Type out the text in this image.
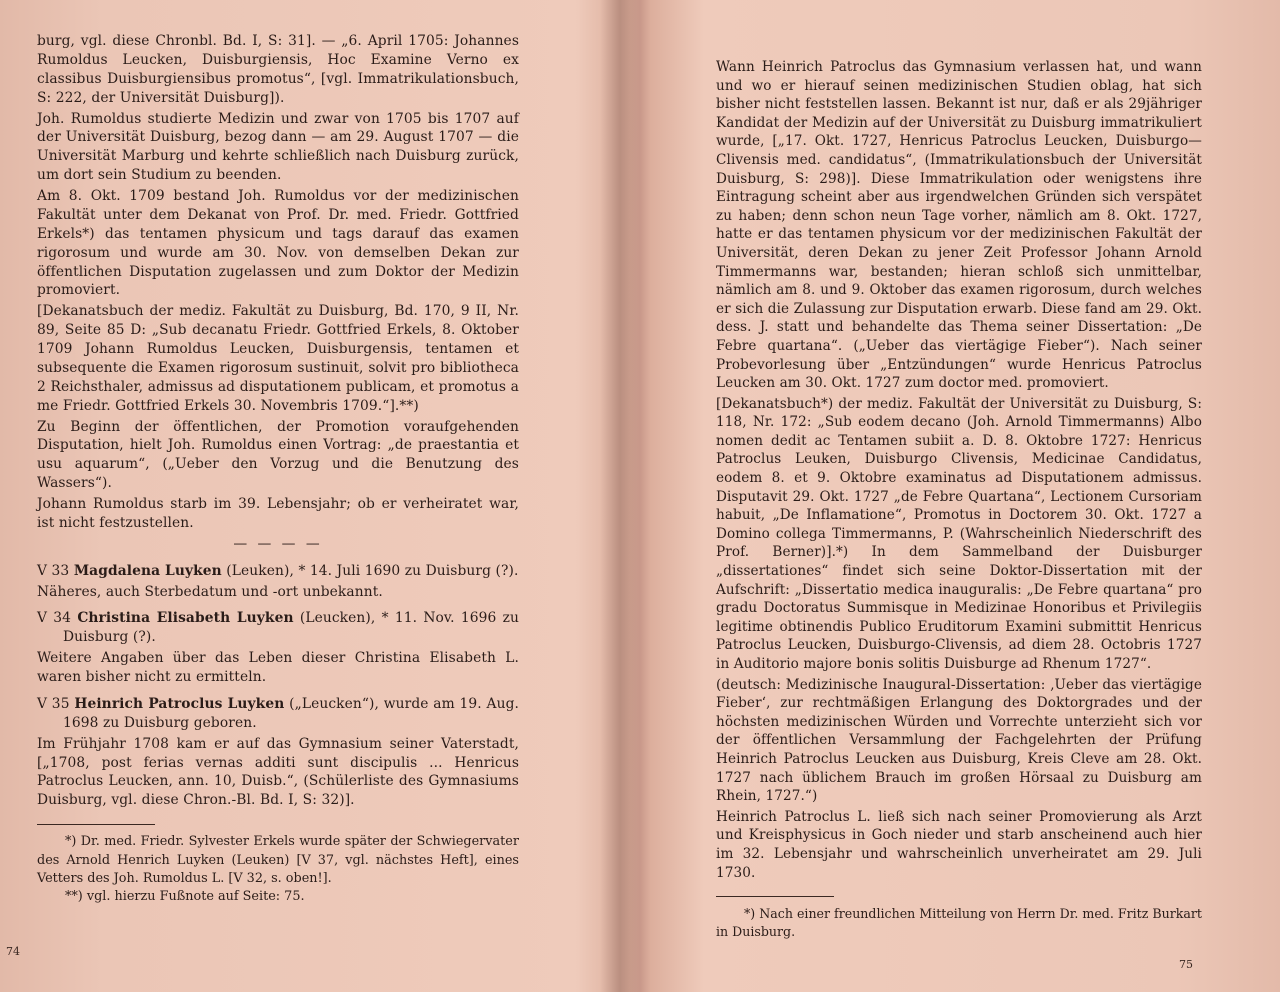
burg, vgl. diese Chronbl. Bd. I, S: 31]. — „6. April 1705: Johannes Rumoldus Leucken, Duisburgiensis, Hoc Examine Verno ex classibus Duisburgiensibus promotus“, [vgl. Immatrikulationsbuch, S: 222, der Universität Duisburg]).

Joh. Rumoldus studierte Medizin und zwar von 1705 bis 1707 auf der Universität Duisburg, bezog dann — am 29. August 1707 — die Universität Marburg und kehrte schließlich nach Duisburg zurück, um dort sein Studium zu beenden.

Am 8. Okt. 1709 bestand Joh. Rumoldus vor der medizinischen Fakultät unter dem Dekanat von Prof. Dr. med. Friedr. Gottfried Erkels*) das tentamen physicum und tags darauf das examen rigorosum und wurde am 30. Nov. von demselben Dekan zur öffentlichen Disputation zugelassen und zum Doktor der Medizin promoviert.

[Dekanatsbuch der mediz. Fakultät zu Duisburg, Bd. 170, 9 II, Nr. 89, Seite 85 D: „Sub decanatu Friedr. Gottfried Erkels, 8. Oktober 1709 Johann Rumoldus Leucken, Duisburgensis, tentamen et subsequente die Examen rigorosum sustinuit, solvit pro bibliotheca 2 Reichsthaler, admissus ad disputationem publicam, et promotus a me Friedr. Gottfried Erkels 30. Novembris 1709.“].**)

Zu Beginn der öffentlichen, der Promotion voraufgehenden Disputation, hielt Joh. Rumoldus einen Vortrag: „de praestantia et usu aquarum“, („Ueber den Vorzug und die Benutzung des Wassers“).

Johann Rumoldus starb im 39. Lebensjahr; ob er verheiratet war, ist nicht festzustellen.

— — — —

V 33 Magdalena Luyken (Leuken), * 14. Juli 1690 zu Duisburg (?).

Näheres, auch Sterbedatum und -ort unbekannt.

V 34 Christina Elisabeth Luyken (Leucken), * 11. Nov. 1696 zu Duisburg (?).

Weitere Angaben über das Leben dieser Christina Elisabeth L. waren bisher nicht zu ermitteln.

V 35 Heinrich Patroclus Luyken („Leucken“), wurde am 19. Aug. 1698 zu Duisburg geboren.

Im Frühjahr 1708 kam er auf das Gymnasium seiner Vaterstadt, [„1708, post ferias vernas additi sunt discipulis ... Henricus Patroclus Leucken, ann. 10, Duisb.“, (Schülerliste des Gymnasiums Duisburg, vgl. diese Chron.-Bl. Bd. I, S: 32)].

*) Dr. med. Friedr. Sylvester Erkels wurde später der Schwiegervater des Arnold Henrich Luyken (Leuken) [V 37, vgl. nächstes Heft], eines Vetters des Joh. Rumoldus L. [V 32, s. oben!].

**) vgl. hierzu Fußnote auf Seite: 75.

74

Wann Heinrich Patroclus das Gymnasium verlassen hat, und wann und wo er hierauf seinen medizinischen Studien oblag, hat sich bisher nicht feststellen lassen. Bekannt ist nur, daß er als 29jähriger Kandidat der Medizin auf der Universität zu Duisburg immatrikuliert wurde, [„17. Okt. 1727, Henricus Patroclus Leucken, Duisburgo—Clivensis med. candidatus“, (Immatrikulationsbuch der Universität Duisburg, S: 298)]. Diese Immatrikulation oder wenigstens ihre Eintragung scheint aber aus irgendwelchen Gründen sich verspätet zu haben; denn schon neun Tage vorher, nämlich am 8. Okt. 1727, hatte er das tentamen physicum vor der medizinischen Fakultät der Universität, deren Dekan zu jener Zeit Professor Johann Arnold Timmermanns war, bestanden; hieran schloß sich unmittelbar, nämlich am 8. und 9. Oktober das examen rigorosum, durch welches er sich die Zulassung zur Disputation erwarb. Diese fand am 29. Okt. dess. J. statt und behandelte das Thema seiner Dissertation: „De Febre quartana“. („Ueber das viertägige Fieber“). Nach seiner Probevorlesung über „Entzündungen“ wurde Henricus Patroclus Leucken am 30. Okt. 1727 zum doctor med. promoviert.

[Dekanatsbuch*) der mediz. Fakultät der Universität zu Duisburg, S: 118, Nr. 172: „Sub eodem decano (Joh. Arnold Timmermanns) Albo nomen dedit ac Tentamen subiit a. D. 8. Oktobre 1727: Henricus Patroclus Leuken, Duisburgo Clivensis, Medicinae Candidatus, eodem 8. et 9. Oktobre examinatus ad Disputationem admissus. Disputavit 29. Okt. 1727 „de Febre Quartana“, Lectionem Cursoriam habuit, „De Inflamatione“, Promotus in Doctorem 30. Okt. 1727 a Domino collega Timmermanns, P. (Wahrscheinlich Niederschrift des Prof. Berner)].*) In dem Sammelband der Duisburger „dissertationes“ findet sich seine Doktor-Dissertation mit der Aufschrift: „Dissertatio medica inauguralis: „De Febre quartana“ pro gradu Doctoratus Summisque in Medizinae Honoribus et Privilegiis legitime obtinendis Publico Eruditorum Examini submittit Henricus Patroclus Leucken, Duisburgo-Clivensis, ad diem 28. Octobris 1727 in Auditorio majore bonis solitis Duisburge ad Rhenum 1727“.

(deutsch: Medizinische Inaugural-Dissertation: ‚Ueber das viertägige Fieber‘, zur rechtmäßigen Erlangung des Doktorgrades und der höchsten medizinischen Würden und Vorrechte unterzieht sich vor der öffentlichen Versammlung der Fachgelehrten der Prüfung Heinrich Patroclus Leucken aus Duisburg, Kreis Cleve am 28. Okt. 1727 nach üblichem Brauch im großen Hörsaal zu Duisburg am Rhein, 1727.“)

Heinrich Patroclus L. ließ sich nach seiner Promovierung als Arzt und Kreisphysicus in Goch nieder und starb anscheinend auch hier im 32. Lebensjahr und wahrscheinlich unverheiratet am 29. Juli 1730.

*) Nach einer freundlichen Mitteilung von Herrn Dr. med. Fritz Burkart in Duisburg.

75
